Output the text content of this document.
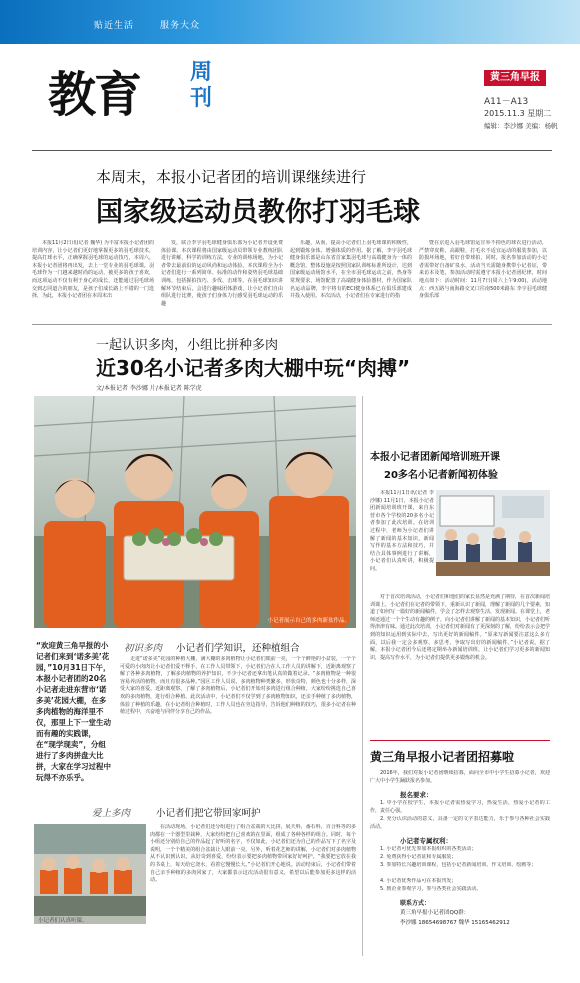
贴近生活	服务大众
教育 周刊
黄三角早报
A11－A13
2015.11.3 星期二
编辑：李沙娜 美编：杨帆
本周末，本报小记者团的培训课继续进行
国家级运动员教你打羽毛球

本报11月2日讯(记者 魏华) 为丰富本报小记者团的培训内容，让小记者们更好地掌握更多的羽毛球技术，提高打球水平，正确掌握羽毛球的运动技巧，本周六，本报小记者团将再出发，去上一堂专业的羽毛球课。羽毛球作为一门越来越时尚的运动，被更多的孩子喜欢，而这项运动不仅有利于身心的成长，还能通过羽毛球场交到志同道合的朋友，是孩子们成长路上不错的一门选择，为此，本报小记者团在本周末出

发，联合李宇羽毛球健身俱乐部为小记者开设免费体验课。本次课程将由国家级运动员带领专业教练团队进行讲解，科学的训练方法，专业的训练场地，为小记者带去最前沿的运动风尚和运动体验。本次课程全为小记者们进行一系列简单、标准的动作和姿势羽毛球基础训练，包括握拍技巧、步伐、击球等。在羽毛球知识讲解环节结束后，会进行趣味团体游戏，让小记者们自由组队进行比赛，使孩子们身体力行感受羽毛球运动的乐趣

乐趣，从而，提高小记者们上羽毛球课的积极性，起到锻炼身体、增强体质的作用。据了解，李宇羽毛球健身俱乐部是山东省首家集羽毛球与高端健身为一体的概念馆，整体设施是按照国家队训练标准所设计，达到国家级运动场馆水平，在全市羽毛球运动之前，热身等常规要求，场馆配置了高端健身体验器材，作为国家队名运动品牌，李宇将有的ECI健身体系已在俱乐部建成并投入使用。本次活动，小记者们在专家进行的指

暨在京进入羽毛球馆运宣举不掉色的球衣进行活动，严禁穿皮鞋、高跟鞋，打毛衣不适宜运动的服装参加，以防损坏场地，着好自带球拍，同时，报名参加活动的小记者需带好自备矿泉水，活动当天需随身携带小记者证，带来访本及笔，参加活动时需遵守本报小记者团纪律，时间地点如下：活动时间：11月7日(周六上午9:00)。活动地点：西五路与南海路交叉口往南500米路东 李宇羽毛球健身俱乐部

一起认识多肉，小组比拼种多肉
近30名小记者多肉大棚中玩“肉搏”
文/本报记者 李沙娜 片/本报记者 陈学虎
小记者展示自己的多肉新盆作品。
“欢迎黄三角早报的小记者们来到‘诺多美’花园，”10月31日下午，本报小记者团的20名小记者走进东营市‘诺多美’花园大棚，在多多肉植物的海洋里不仅，那里上下一堂生动而有趣的实践课，在“现学现卖”，分组进行了多肉拼盘大比拼，大家在学习过程中玩得不亦乐乎。
初识多肉 小记者们学知识，还种植组合

走进“诺多美”花园的种植大棚，满大棚的多肉植物让小记者们眼前一亮，一个个鲜艳的小盆装，一个个可爱的小肉肉让小记者们爱不释手，在工作人员带领下，小记者们合在人工作人员的讲解下，近距离观察了解了各种多肉植物，了解多肉植物的养护知识，不少小记者还拿出笔认真的做着记录。“多肉植物是一种很容易养活的植物，而且有很多品种。”园区工作人员说，多肉植物种类繁多，形状奇特，颜色也十分多样，深受大家的喜爱。近距离观察、了解了多肉植物后，小记者们开始对多肉进行组合种植，大家纷纷挑选自己喜欢的多肉植物，进行组合种植。此次活动中，小记者们不仅学到了多肉植物知识，还亲手种植了多肉植物，体验了种植的乐趣。在小记者组合种植时，工作人员也在旁边指导，告诉他们种植的技巧，很多小记者在种植过程中，兴奋地与同伴分享自己的作品。

爱上多肉	小记者们把它带回家呵护
小记者们认真听课。

在活动现场，小记者们还分组进行了组合盆栽的大比拼，展天科，番石科，百合科等的多肉都在一个器型里栽种，大家纷纷把自己喜欢的在里面，组成了各种各样的组合。同时，每个小组还分别给自己的作品起了好听的名字，不仅如此，小记者们还为自己的作品写下了名字及说明，一个个精美的组合盆栽让人眼前一亮。另外，听着花艺师的讲解，小记者们对多肉植物从不认识到认识，从好奇到喜爱，纷纷表示要把多肉植物带回家好好呵护。“我要把它放在我的书桌上，每天给它浇水，看着它慢慢长大。”小记者们开心地说。活动结束后，小记者们带着自己亲手种植的多肉回家了，大家都表示这次活动很有意义，希望以后能参加更多这样的活动。

本报小记者团新闻培训班开课
20多名小记者新闻初体验

本报11月1日讯(记者 李沙娜) 11月1日，本报小记者团新闻培训班开课，来自东营市各个学校的20多名小记者参加了此次培训。在培训过程中，老师为小记者们讲解了新闻的基本知识，新闻写作的基本方法和技巧，并结合具体事例进行了讲解，小记者们认真听讲，积极提问。

对于首次培训活动，小记者们和他们的家长显然是充满了期待，在首次新闻培训课上，小记者们在记者的带领下，重新认识了新闻，理解了新闻的几个要素，知道了如何写一篇好的新闻稿件，学会了怎样去观察生活、发现新闻。在课堂上，老师还通过一个个生动有趣的例子，向小记者们讲解了新闻的基本知识，小记者们听得津津有味。通过此次培训，小记者们对新闻有了更深刻的了解，纷纷表示会把学到的知识运用到实际中去，写出更好的新闻稿件。“原来写新闻要注意这么多方面，以后我一定会多观察、多思考，争取写出好的新闻稿件。”小记者说。据了解，本报小记者团今后还将定期举办新闻培训班，让小记者们学习更多的新闻知识，提高写作水平，为小记者们提供更多锻炼的机会。

黄三角早报小记者团招募啦

2016年，我们对报小记者团继续招募，面向全市中小学生招募小记者，欢迎广大中小学生踊跃报名参加。

报名要求：

1. 中小学在校学生，本报小记者需热爱学习，热爱生活，热爱小记者的工作，责任心强。

2. 充分认识活动的意义，具备一定的文字表达能力，乐于参与各种社会实践活动。

小记者专属权利：

1. 小记者可优先参加本报组织的各类活动；

2. 免费获得小记者证和专属服装；

3. 参加特长兴趣培训课程，包括小记者新闻培训、作文培训、绘画等；

4. 小记者优秀作品可在本报刊发；

5. 到企业参观学习，参与各类社会实践活动。

联系方式：
黄三角早报小记者团QQ群：
李沙娜 18654698767 魏华 15165462912
